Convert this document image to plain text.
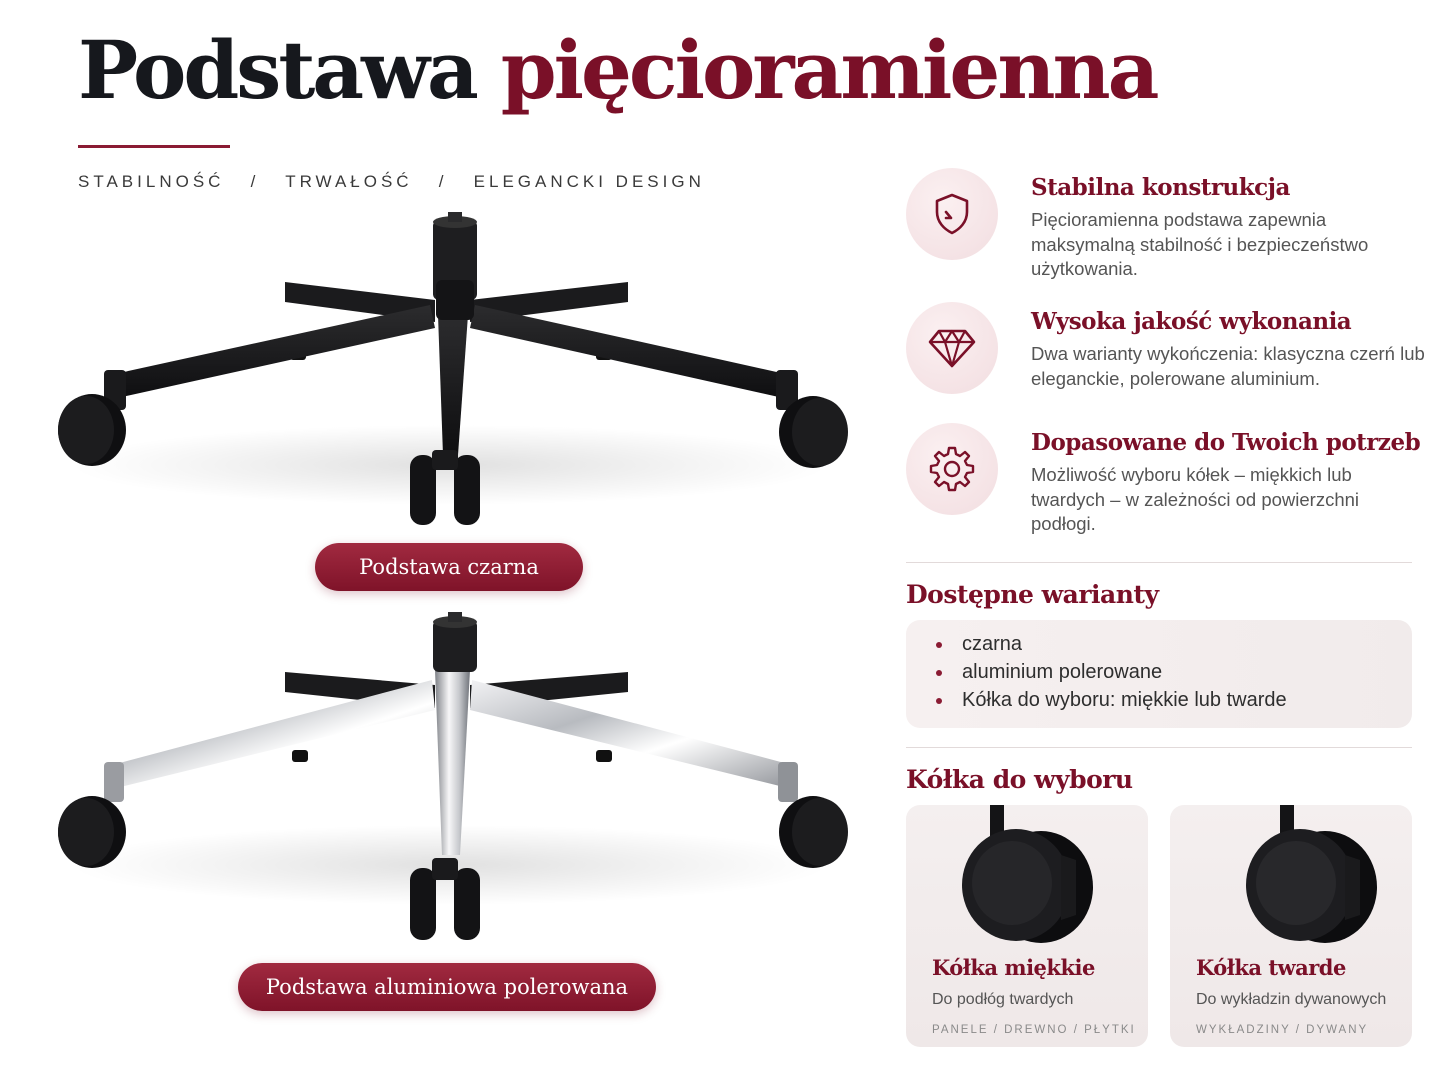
Podstawa pięcioramienna
STABILNOŚĆ   /   TRWAŁOŚĆ   /   ELEGANCKI DESIGN
Podstawa czarna
Podstawa aluminiowa polerowana
Stabilna konstrukcja
Pięcioramienna podstawa zapewnia maksymalną stabilność i bezpieczeństwo użytkowania.
Wysoka jakość wykonania
Dwa warianty wykończenia: klasyczna czerń lub eleganckie, polerowane aluminium.
Dopasowane do Twoich potrzeb
Możliwość wyboru kółek – miękkich lub twardych – w zależności od powierzchni podłogi.
Dostępne warianty
czarna
aluminium polerowane
Kółka do wyboru: miękkie lub twarde
Kółka do wyboru
Kółka miękkie
Do podłóg twardych
PANELE / DREWNO / PŁYTKI
Kółka twarde
Do wykładzin dywanowych
WYKŁADZINY / DYWANY
